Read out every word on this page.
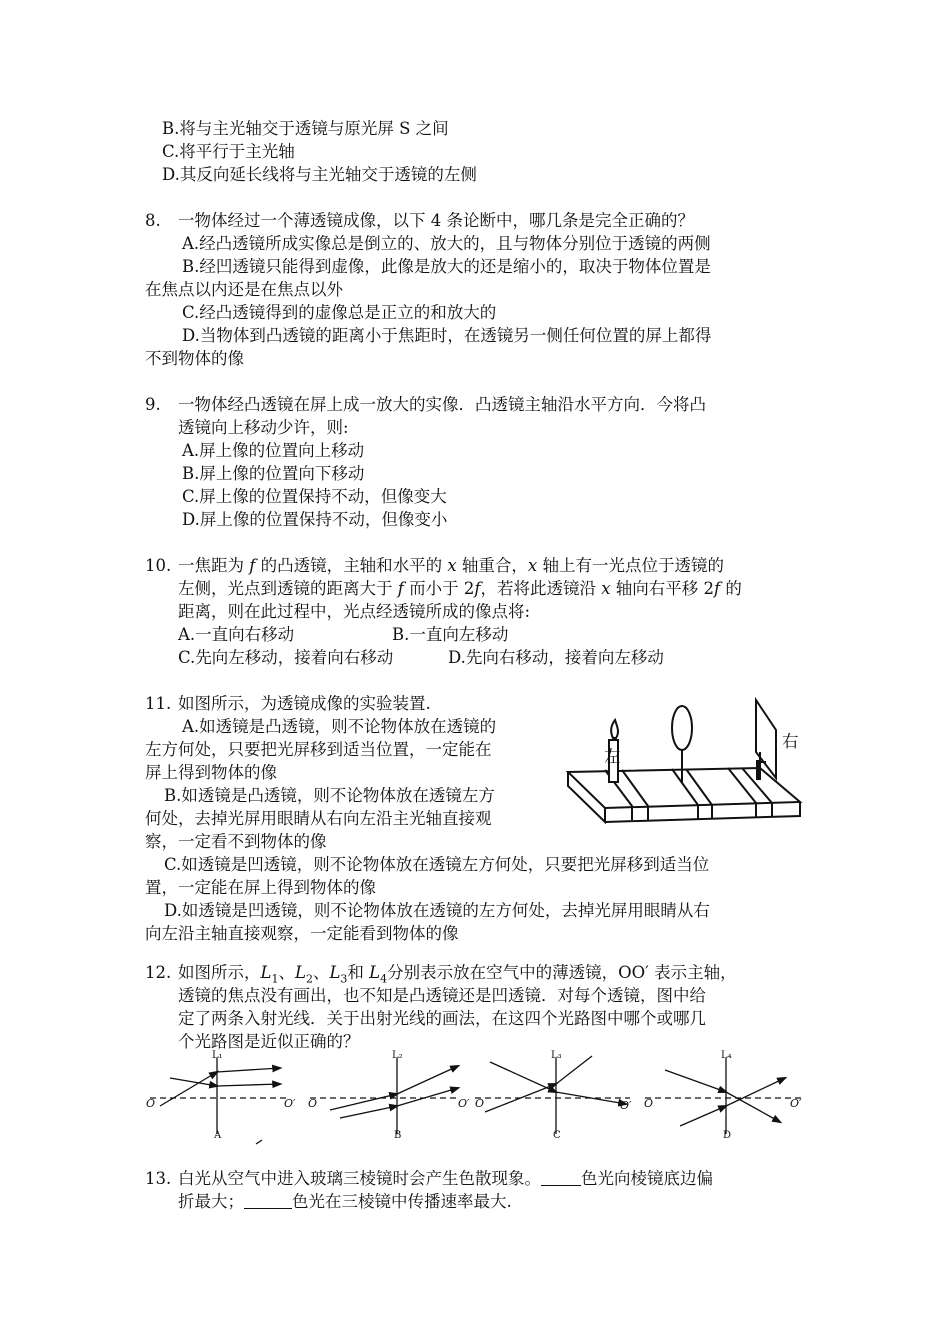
B.将与主光轴交于透镜与原光屏 S 之间
C.将平行于主光轴
D.其反向延长线将与主光轴交于透镜的左侧
8. 一物体经过一个薄透镜成像，以下 4 条论断中，哪几条是完全正确的？
A.经凸透镜所成实像总是倒立的、放大的，且与物体分别位于透镜的两侧
B.经凹透镜只能得到虚像，此像是放大的还是缩小的，取决于物体位置是
在焦点以内还是在焦点以外
C.经凸透镜得到的虚像总是正立的和放大的
D.当物体到凸透镜的距离小于焦距时，在透镜另一侧任何位置的屏上都得
不到物体的像
9. 一物体经凸透镜在屏上成一放大的实像．凸透镜主轴沿水平方向．今将凸
透镜向上移动少许，则:
A.屏上像的位置向上移动
B.屏上像的位置向下移动
C.屏上像的位置保持不动，但像变大
D.屏上像的位置保持不动，但像变小
10. 一焦距为 f 的凸透镜，主轴和水平的 x 轴重合，x 轴上有一光点位于透镜的
左侧，光点到透镜的距离大于 f 而小于 2f，若将此透镜沿 x 轴向右平移 2f 的
距离，则在此过程中，光点经透镜所成的像点将:
A.一直向右移动	B.一直向左移动
C.先向左移动，接着向右移动	D.先向右移动，接着向左移动
11. 如图所示，为透镜成像的实验装置.
A.如透镜是凸透镜，则不论物体放在透镜的
左方何处，只要把光屏移到适当位置，一定能在
屏上得到物体的像
B.如透镜是凸透镜，则不论物体放在透镜左方
何处，去掉光屏用眼睛从右向左沿主光轴直接观
察，一定看不到物体的像
C.如透镜是凹透镜，则不论物体放在透镜左方何处，只要把光屏移到适当位
置，一定能在屏上得到物体的像
D.如透镜是凹透镜，则不论物体放在透镜的左方何处，去掉光屏用眼睛从右
向左沿主轴直接观察，一定能看到物体的像
左
右
12. 如图所示，$L_1$、$L_2$、$L_3$和 $L_4$分别表示放在空气中的薄透镜，OO′ 表示主轴，
透镜的焦点没有画出，也不知是凸透镜还是凹透镜．对每个透镜，图中给
定了两条入射光线．关于出射光线的画法，在这四个光路图中哪个或哪几
个光路图是近似正确的？
L₁
A
O	O′
L₂
B
O	O′
L₃
C
O	O′
L₄
D
O	O′
13. 白光从空气中进入玻璃三棱镜时会产生色散现象。 色光向棱镜底边偏
折最大；	色光在三棱镜中传播速率最大.
